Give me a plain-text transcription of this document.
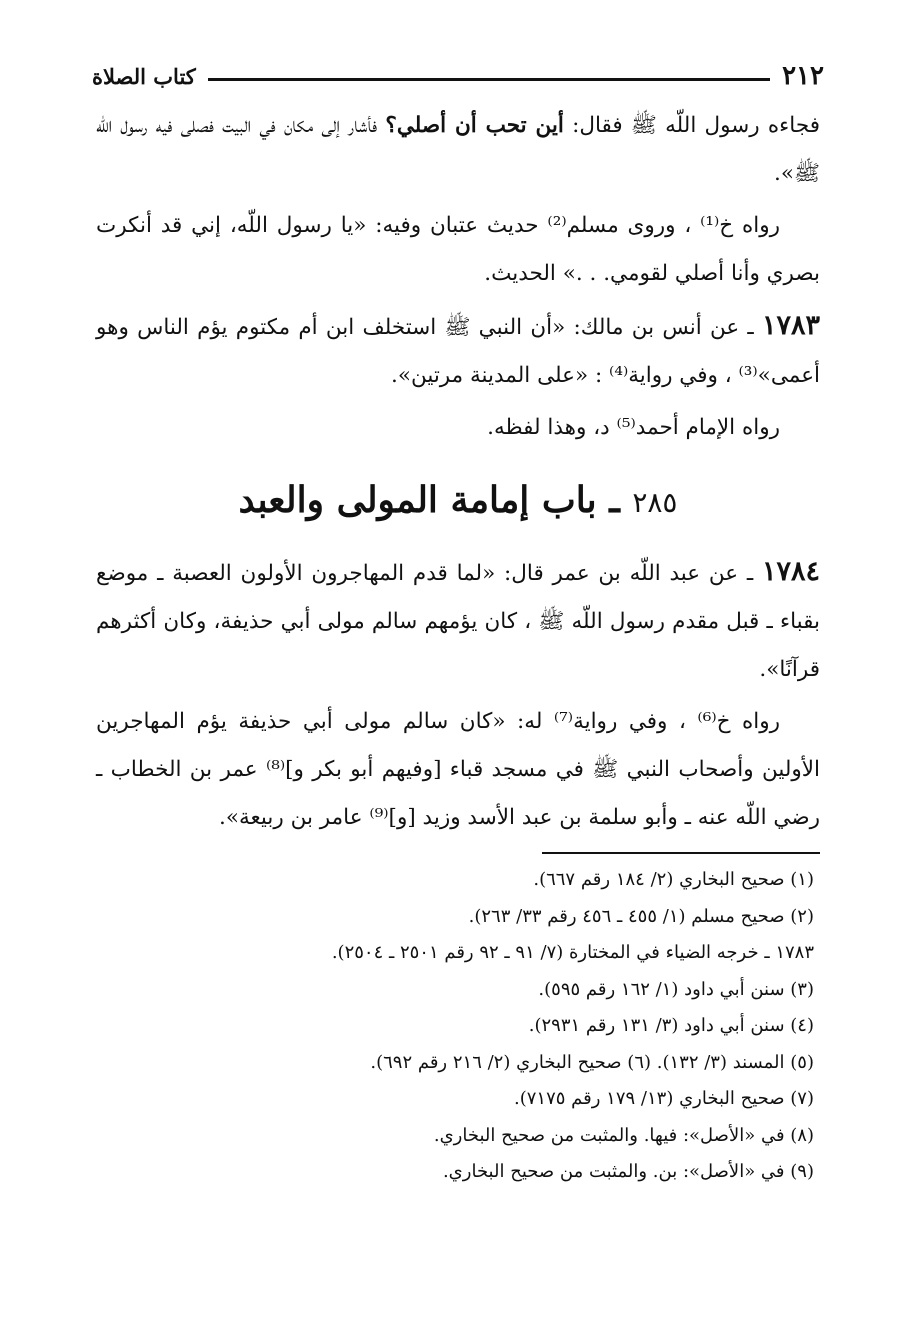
٢١٢
كتاب الصلاة

فجاءه رسول اللّه ﷺ فقال: أين تحب أن أصلي؟ فأشار إلى مكان في البيت فصلى فيه رسول اللّه ﷺ».

رواه خ⁽¹⁾ ، وروى مسلم⁽²⁾ حديث عتبان وفيه: «يا رسول اللّه، إني قد أنكرت بصري وأنا أصلي لقومي. . .» الحديث.

١٧٨٣ ـ عن أنس بن مالك: «أن النبي ﷺ استخلف ابن أم مكتوم يؤم الناس وهو أعمى»⁽³⁾ ، وفي رواية⁽⁴⁾ : «على المدينة مرتين».

رواه الإمام أحمد⁽⁵⁾ د، وهذا لفظه.

٢٨٥ ـ باب إمامة المولى والعبد

١٧٨٤ ـ عن عبد اللّه بن عمر قال: «لما قدم المهاجرون الأولون العصبة ـ موضع بقباء ـ قبل مقدم رسول اللّه ﷺ ، كان يؤمهم سالم مولى أبي حذيفة، وكان أكثرهم قرآنًا».

رواه خ⁽⁶⁾ ، وفي رواية⁽⁷⁾ له: «كان سالم مولى أبي حذيفة يؤم المهاجرين الأولين وأصحاب النبي ﷺ في مسجد قباء [وفيهم أبو بكر و]⁽⁸⁾ عمر بن الخطاب ـ رضي اللّه عنه ـ وأبو سلمة بن عبد الأسد وزيد [و]⁽⁹⁾ عامر بن ربيعة».

(١) صحيح البخاري (٢/ ١٨٤ رقم ٦٦٧).

(٢) صحيح مسلم (١/ ٤٥٥ ـ ٤٥٦ رقم ٣٣/ ٢٦٣).

١٧٨٣ ـ خرجه الضياء في المختارة (٧/ ٩١ ـ ٩٢ رقم ٢٥٠١ ـ ٢٥٠٤).

(٣) سنن أبي داود (١/ ١٦٢ رقم ٥٩٥).

(٤) سنن أبي داود (٣/ ١٣١ رقم ٢٩٣١).

(٥) المسند (٣/ ١٣٢). (٦) صحيح البخاري (٢/ ٢١٦ رقم ٦٩٢).

(٧) صحيح البخاري (١٣/ ١٧٩ رقم ٧١٧٥).

(٨) في «الأصل»: فيها. والمثبت من صحيح البخاري.

(٩) في «الأصل»: بن. والمثبت من صحيح البخاري.
